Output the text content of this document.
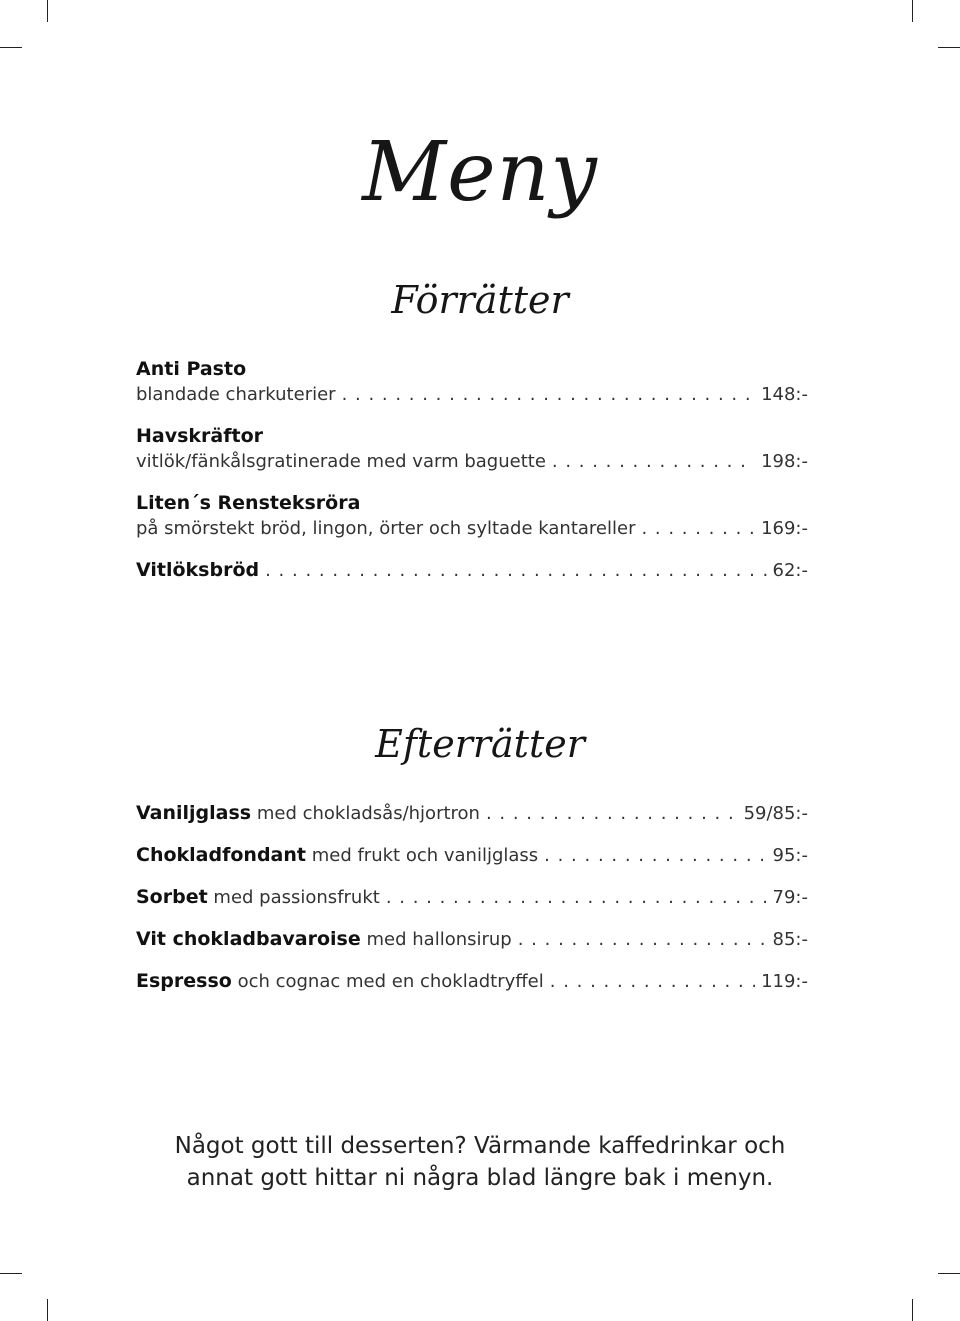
Meny
Förrätter
Anti Pasto
blandade charkuterier . . .	148:-
Havskräftor
vitlök/fänkålsgratinerade med varm baguette . . .	198:-
Liten´s Rensteksröra
på smörstekt bröd, lingon, örter och syltade kantareller . . .	169:-
Vitlöksbröd . . .	62:-
Efterrätter
Vaniljglass
med chokladsås/hjortron . . .	59/85:-
Chokladfondant
med frukt och vaniljglass . . .	95:-
Sorbet
med passionsfrukt . . .	79:-
Vit chokladbavaroise
med hallonsirup . . .	85:-
Espresso
och cognac med en chokladtryffel . . .	119:-
Något gott till desserten? Värmande kaffedrinkar och
annat gott hittar ni några blad längre bak i menyn.
